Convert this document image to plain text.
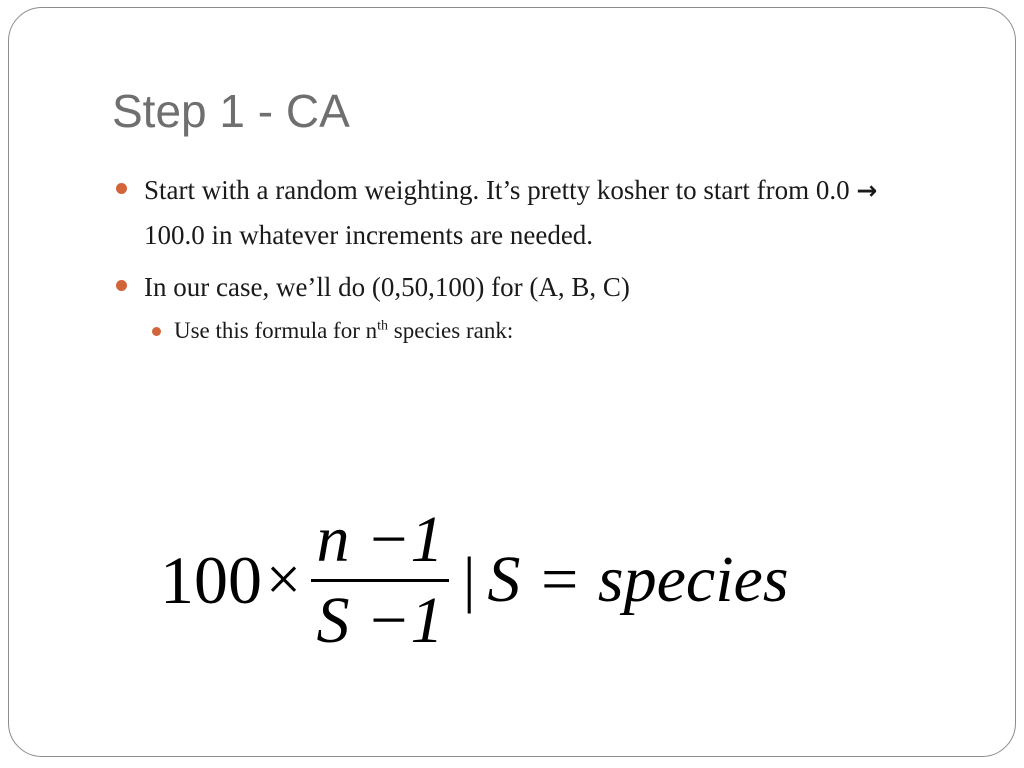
Step 1 - CA
Start with a random weighting. It’s pretty kosher to start from 0.0 → 100.0 in whatever increments are needed.
In our case, we’ll do (0,50,100) for (A, B, C)
Use this formula for $n^{th}$ species rank:
$100 \times \frac{n -1}{S -1}$ | S = species
